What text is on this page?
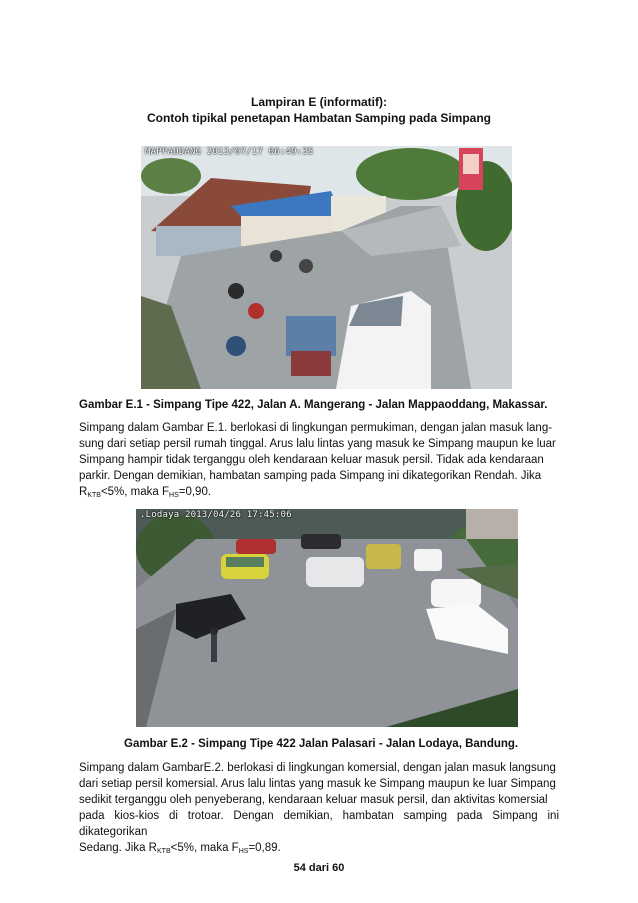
Lampiran E (informatif):
Contoh tipikal penetapan Hambatan Samping pada Simpang
MAPPAODANG 2013/07/17 06:49:35
Gambar E.1 - Simpang Tipe 422, Jalan A. Mangerang - Jalan Mappaoddang, Makassar.
Simpang dalam Gambar E.1. berlokasi di lingkungan permukiman, dengan jalan masuk lang-
sung dari setiap persil rumah tinggal. Arus lalu lintas yang masuk ke Simpang maupun ke luar
Simpang hampir tidak terganggu oleh kendaraan keluar masuk persil. Tidak ada kendaraan
parkir. Dengan demikian, hambatan samping pada Simpang ini dikategorikan Rendah. Jika
$R_{KTB}<5\%$, maka $F_{HS}=0,90$.
.Lodaya 2013/04/26 17:45:06
Gambar E.2 - Simpang Tipe 422 Jalan Palasari - Jalan Lodaya, Bandung.
Simpang dalam GambarE.2. berlokasi di lingkungan komersial, dengan jalan masuk langsung
dari setiap persil komersial. Arus lalu lintas yang masuk ke Simpang maupun ke luar Simpang
sedikit terganggu oleh penyeberang, kendaraan keluar masuk persil, dan aktivitas komersial
pada kios-kios di trotoar. Dengan demikian, hambatan samping pada Simpang ini dikategorikan
Sedang. Jika $R_{KTB}<5\%$, maka $F_{HS}=0,89$.
54 dari 60
